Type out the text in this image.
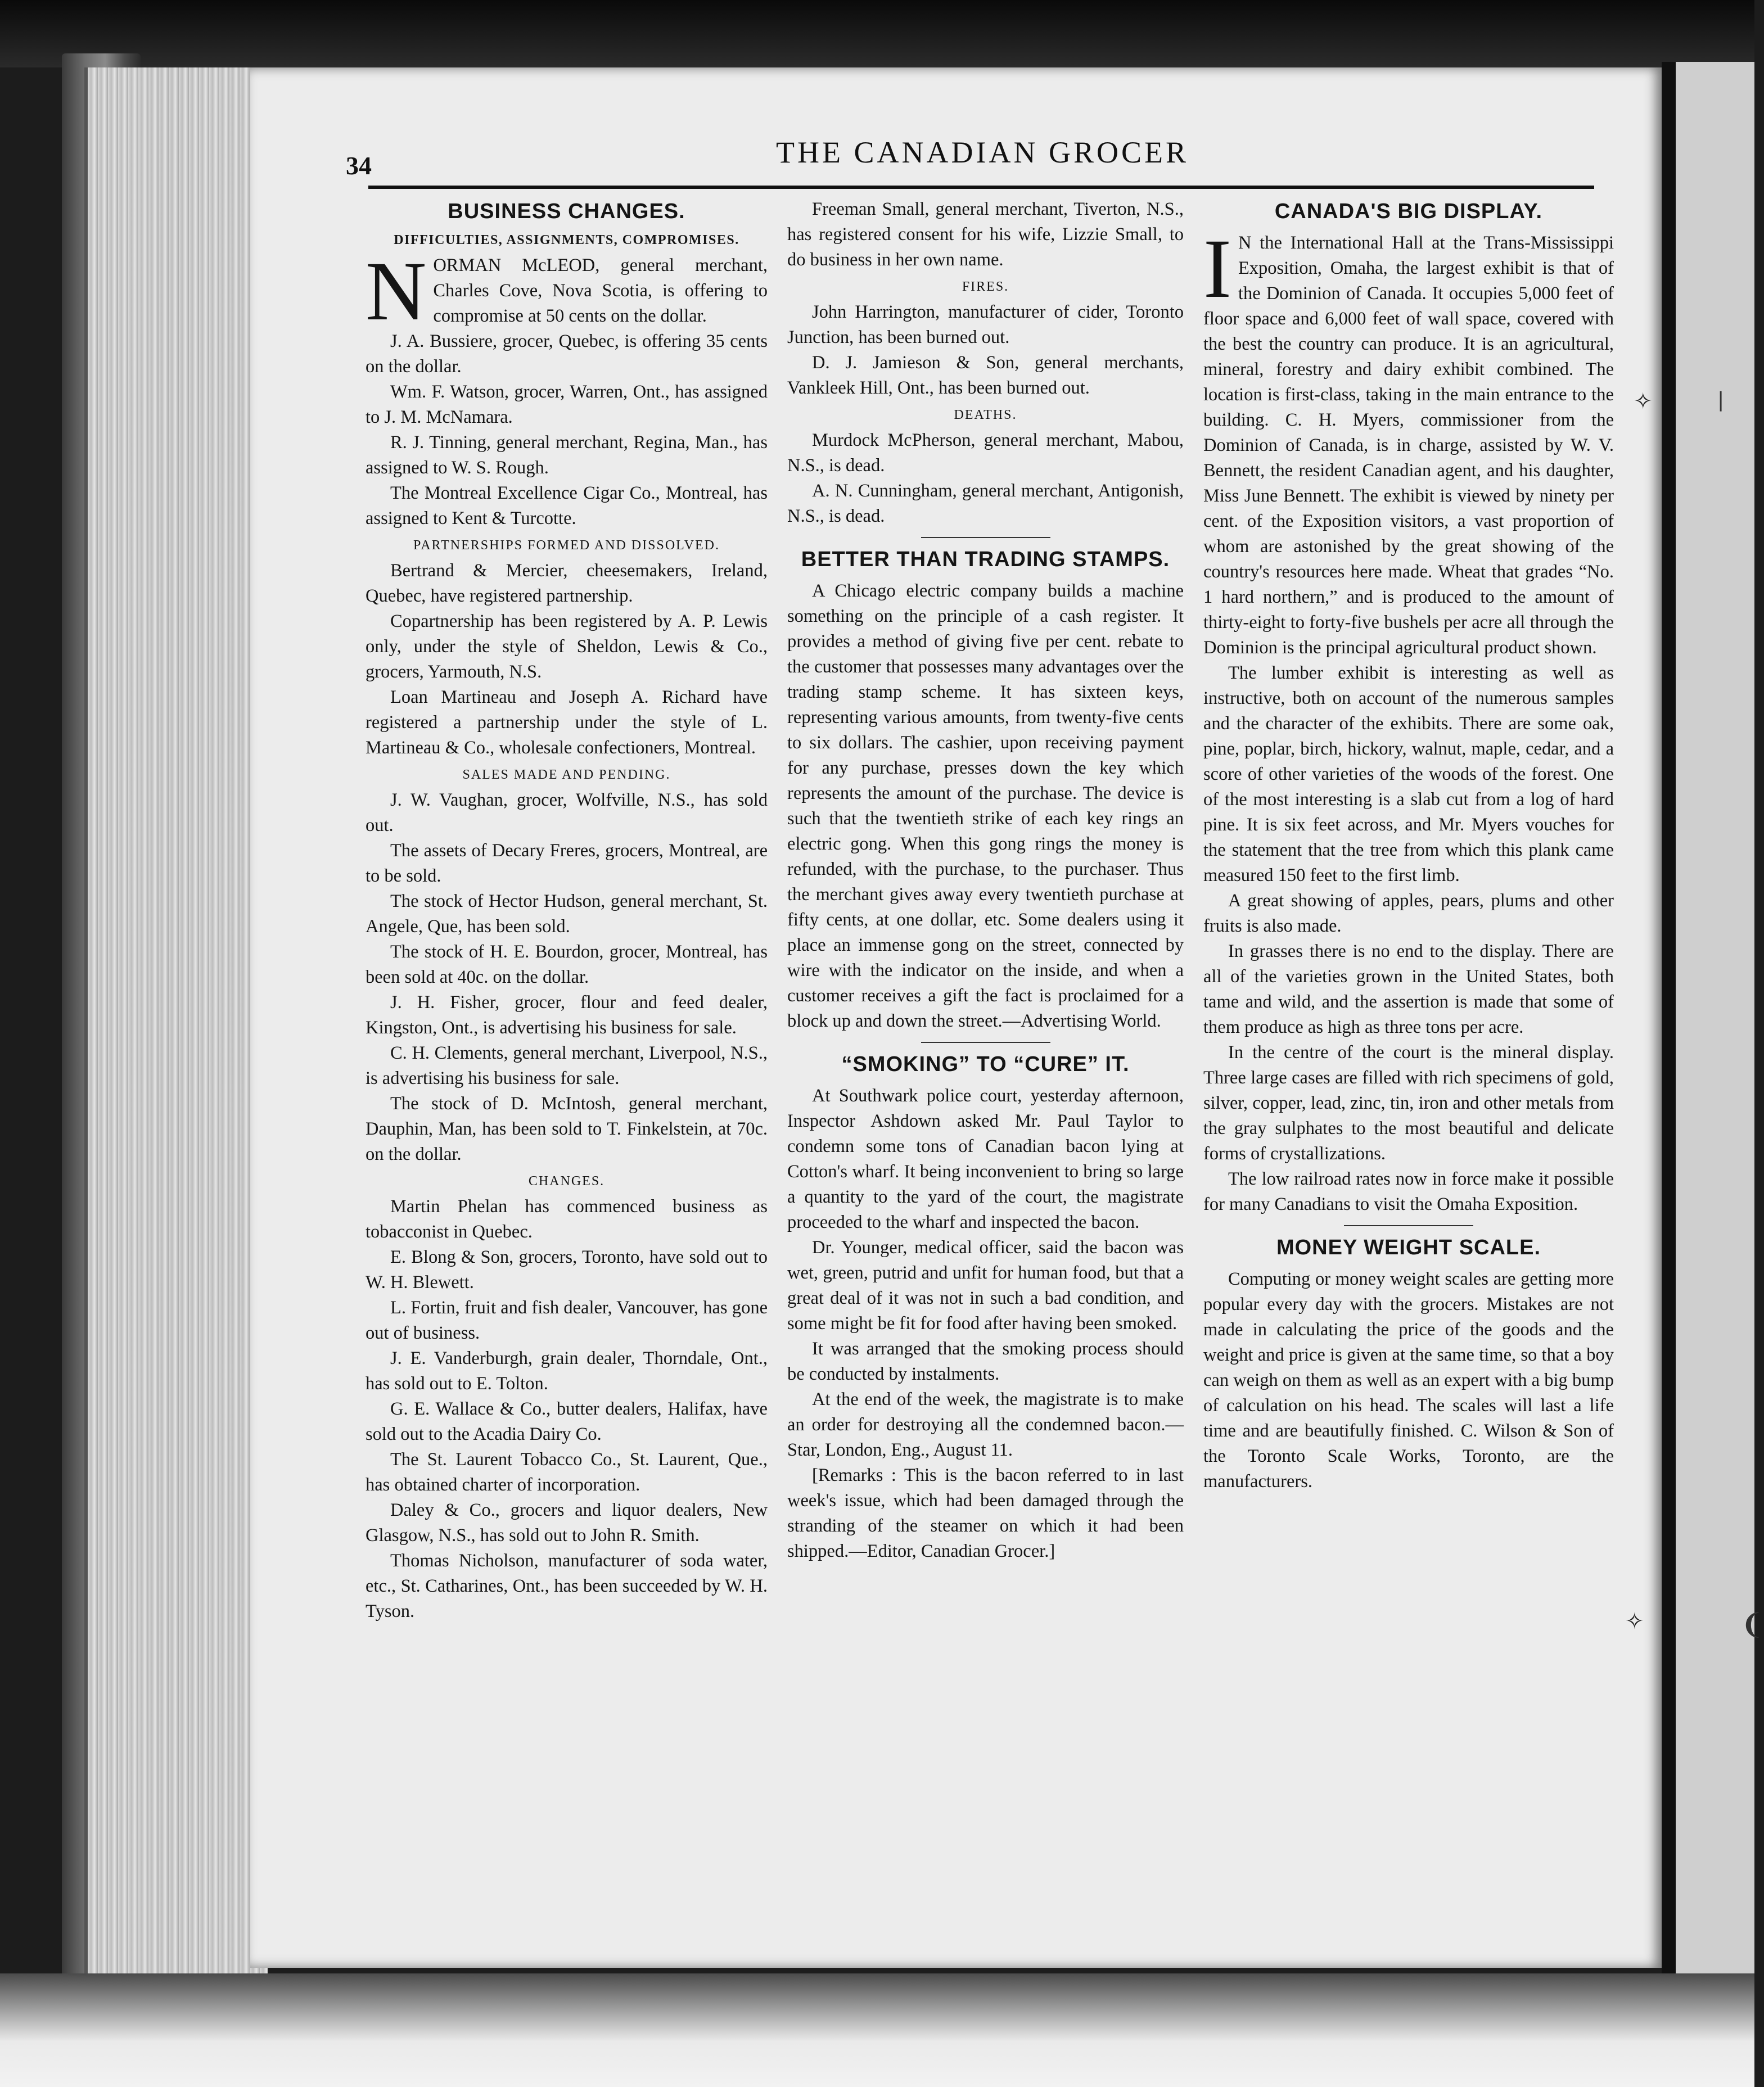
34	THE CANADIAN GROCER
✧	❘
✧	❨
BUSINESS CHANGES.
DIFFICULTIES, ASSIGNMENTS, COMPROMISES.

NORMAN McLEOD, general merchant, Charles Cove, Nova Scotia, is offering to compromise at 50 cents on the dollar.

J. A. Bussiere, grocer, Quebec, is offering 35 cents on the dollar.

Wm. F. Watson, grocer, Warren, Ont., has assigned to J. M. McNamara.

R. J. Tinning, general merchant, Regina, Man., has assigned to W. S. Rough.

The Montreal Excellence Cigar Co., Montreal, has assigned to Kent & Turcotte.

PARTNERSHIPS FORMED AND DISSOLVED.

Bertrand & Mercier, cheesemakers, Ireland, Quebec, have registered partnership.

Copartnership has been registered by A. P. Lewis only, under the style of Sheldon, Lewis & Co., grocers, Yarmouth, N.S.

Loan Martineau and Joseph A. Richard have registered a partnership under the style of L. Martineau & Co., wholesale confectioners, Montreal.

SALES MADE AND PENDING.

J. W. Vaughan, grocer, Wolfville, N.S., has sold out.

The assets of Decary Freres, grocers, Montreal, are to be sold.

The stock of Hector Hudson, general merchant, St. Angele, Que, has been sold.

The stock of H. E. Bourdon, grocer, Montreal, has been sold at 40c. on the dollar.

J. H. Fisher, grocer, flour and feed dealer, Kingston, Ont., is advertising his business for sale.

C. H. Clements, general merchant, Liverpool, N.S., is advertising his business for sale.

The stock of D. McIntosh, general merchant, Dauphin, Man, has been sold to T. Finkelstein, at 70c. on the dollar.

CHANGES.

Martin Phelan has commenced business as tobacconist in Quebec.

E. Blong & Son, grocers, Toronto, have sold out to W. H. Blewett.

L. Fortin, fruit and fish dealer, Vancouver, has gone out of business.

J. E. Vanderburgh, grain dealer, Thorndale, Ont., has sold out to E. Tolton.

G. E. Wallace & Co., butter dealers, Halifax, have sold out to the Acadia Dairy Co.

The St. Laurent Tobacco Co., St. Laurent, Que., has obtained charter of incorporation.

Daley & Co., grocers and liquor dealers, New Glasgow, N.S., has sold out to John R. Smith.

Thomas Nicholson, manufacturer of soda water, etc., St. Catharines, Ont., has been succeeded by W. H. Tyson.

Freeman Small, general merchant, Tiverton, N.S., has registered consent for his wife, Lizzie Small, to do business in her own name.

FIRES.

John Harrington, manufacturer of cider, Toronto Junction, has been burned out.

D. J. Jamieson & Son, general merchants, Vankleek Hill, Ont., has been burned out.

DEATHS.

Murdock McPherson, general merchant, Mabou, N.S., is dead.

A. N. Cunningham, general merchant, Antigonish, N.S., is dead.

BETTER THAN TRADING STAMPS.

A Chicago electric company builds a machine something on the principle of a cash register. It provides a method of giving five per cent. rebate to the customer that possesses many advantages over the trading stamp scheme. It has sixteen keys, representing various amounts, from twenty-five cents to six dollars. The cashier, upon receiving payment for any purchase, presses down the key which represents the amount of the purchase. The device is such that the twentieth strike of each key rings an electric gong. When this gong rings the money is refunded, with the purchase, to the purchaser. Thus the merchant gives away every twentieth purchase at fifty cents, at one dollar, etc. Some dealers using it place an immense gong on the street, connected by wire with the indicator on the inside, and when a customer receives a gift the fact is proclaimed for a block up and down the street.—Advertising World.

“SMOKING” TO “CURE” IT.

At Southwark police court, yesterday afternoon, Inspector Ashdown asked Mr. Paul Taylor to condemn some tons of Canadian bacon lying at Cotton's wharf. It being inconvenient to bring so large a quantity to the yard of the court, the magistrate proceeded to the wharf and inspected the bacon.

Dr. Younger, medical officer, said the bacon was wet, green, putrid and unfit for human food, but that a great deal of it was not in such a bad condition, and some might be fit for food after having been smoked.

It was arranged that the smoking process should be conducted by instalments.

At the end of the week, the magistrate is to make an order for destroying all the condemned bacon.—Star, London, Eng., August 11.

[Remarks : This is the bacon referred to in last week's issue, which had been damaged through the stranding of the steamer on which it had been shipped.—Editor, Canadian Grocer.]

CANADA'S BIG DISPLAY.

I N the International Hall at the Trans-Mississippi Exposition, Omaha, the largest exhibit is that of the Dominion of Canada. It occupies 5,000 feet of floor space and 6,000 feet of wall space, covered with the best the country can produce. It is an agricultural, mineral, forestry and dairy exhibit combined. The location is first-class, taking in the main entrance to the building. C. H. Myers, commissioner from the Dominion of Canada, is in charge, assisted by W. V. Bennett, the resident Canadian agent, and his daughter, Miss June Bennett. The exhibit is viewed by ninety per cent. of the Exposition visitors, a vast proportion of whom are astonished by the great showing of the country's resources here made. Wheat that grades “No. 1 hard northern,” and is produced to the amount of thirty-eight to forty-five bushels per acre all through the Dominion is the principal agricultural product shown.

The lumber exhibit is interesting as well as instructive, both on account of the numerous samples and the character of the exhibits. There are some oak, pine, poplar, birch, hickory, walnut, maple, cedar, and a score of other varieties of the woods of the forest. One of the most interesting is a slab cut from a log of hard pine. It is six feet across, and Mr. Myers vouches for the statement that the tree from which this plank came measured 150 feet to the first limb.

A great showing of apples, pears, plums and other fruits is also made.

In grasses there is no end to the display. There are all of the varieties grown in the United States, both tame and wild, and the assertion is made that some of them produce as high as three tons per acre.

In the centre of the court is the mineral display. Three large cases are filled with rich specimens of gold, silver, copper, lead, zinc, tin, iron and other metals from the gray sulphates to the most beautiful and delicate forms of crystallizations.

The low railroad rates now in force make it possible for many Canadians to visit the Omaha Exposition.

MONEY WEIGHT SCALE.

Computing or money weight scales are getting more popular every day with the grocers. Mistakes are not made in calculating the price of the goods and the weight and price is given at the same time, so that a boy can weigh on them as well as an expert with a big bump of calculation on his head. The scales will last a life time and are beautifully finished. C. Wilson & Son of the Toronto Scale Works, Toronto, are the manufacturers.
